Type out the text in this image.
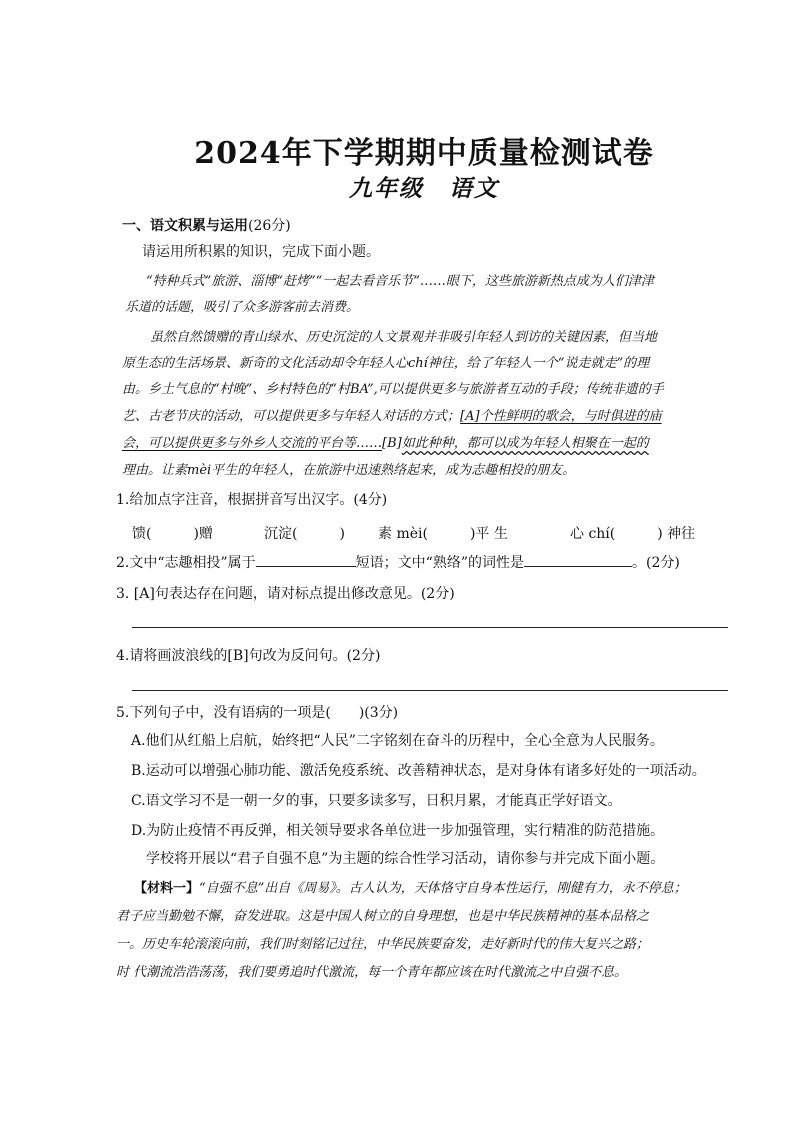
2024年下学期期中质量检测试卷
九年级　语文
一、语文积累与运用(26分)
请运用所积累的知识，完成下面小题。
“特种兵式”旅游、淄博“赶烤”“一起去看音乐节”……眼下，这些旅游新热点成为人们津津
乐道的话题，吸引了众多游客前去消费。
虽然自然馈赠的青山绿水、历史沉淀的人文景观并非吸引年轻人到访的关键因素，但当地
原生态的生活场景、新奇的文化活动却令年轻人心chí神往，给了年轻人一个“说走就走”的理
由。乡土气息的“村晚”、乡村特色的“村BA”,可以提供更多与旅游者互动的手段；传统非遗的手
艺、古老节庆的活动，可以提供更多与年轻人对话的方式；[A]个性鲜明的歌会，与时俱进的庙
会，可以提供更多与外乡人交流的平台等……[B]如此种种，都可以成为年轻人相聚在一起的
理由。让素mèi平生的年轻人，在旅游中迅速熟络起来，成为志趣相投的朋友。
1.给加点字注音，根据拼音写出汉字。(4分)
馈(　　　)赠	沉淀(　　　) 素 mèi(　　　)平 生	心 chí(　　　) 神往
2.文中“志趣相投”属于	短语；文中“熟络”的词性是	。(2分)
3. [A]句表达存在问题，请对标点提出修改意见。(2分)
4.请将画波浪线的[B]句改为反问句。(2分)
5.下列句子中，没有语病的一项是(　　)(3分)
A.他们从红船上启航，始终把“人民”二字铭刻在奋斗的历程中，全心全意为人民服务。
B.运动可以增强心肺功能、激活免疫系统、改善精神状态，是对身体有诸多好处的一项活动。
C.语文学习不是一朝一夕的事，只要多读多写，日积月累，才能真正学好语文。
D.为防止疫情不再反弹，相关领导要求各单位进一步加强管理，实行精准的防范措施。
学校将开展以“君子自强不息”为主题的综合性学习活动，请你参与并完成下面小题。
【材料一】“自强不息”出自《周易》。古人认为，天体恪守自身本性运行，刚健有力，永不停息；
君子应当勤勉不懈，奋发进取。这是中国人树立的自身理想，也是中华民族精神的基本品格之
一。历史车轮滚滚向前，我们时刻铭记过往，中华民族要奋发，走好新时代的伟大复兴之路；
时 代潮流浩浩荡荡，我们要勇追时代激流，每一个青年都应该在时代激流之中自强不息。
